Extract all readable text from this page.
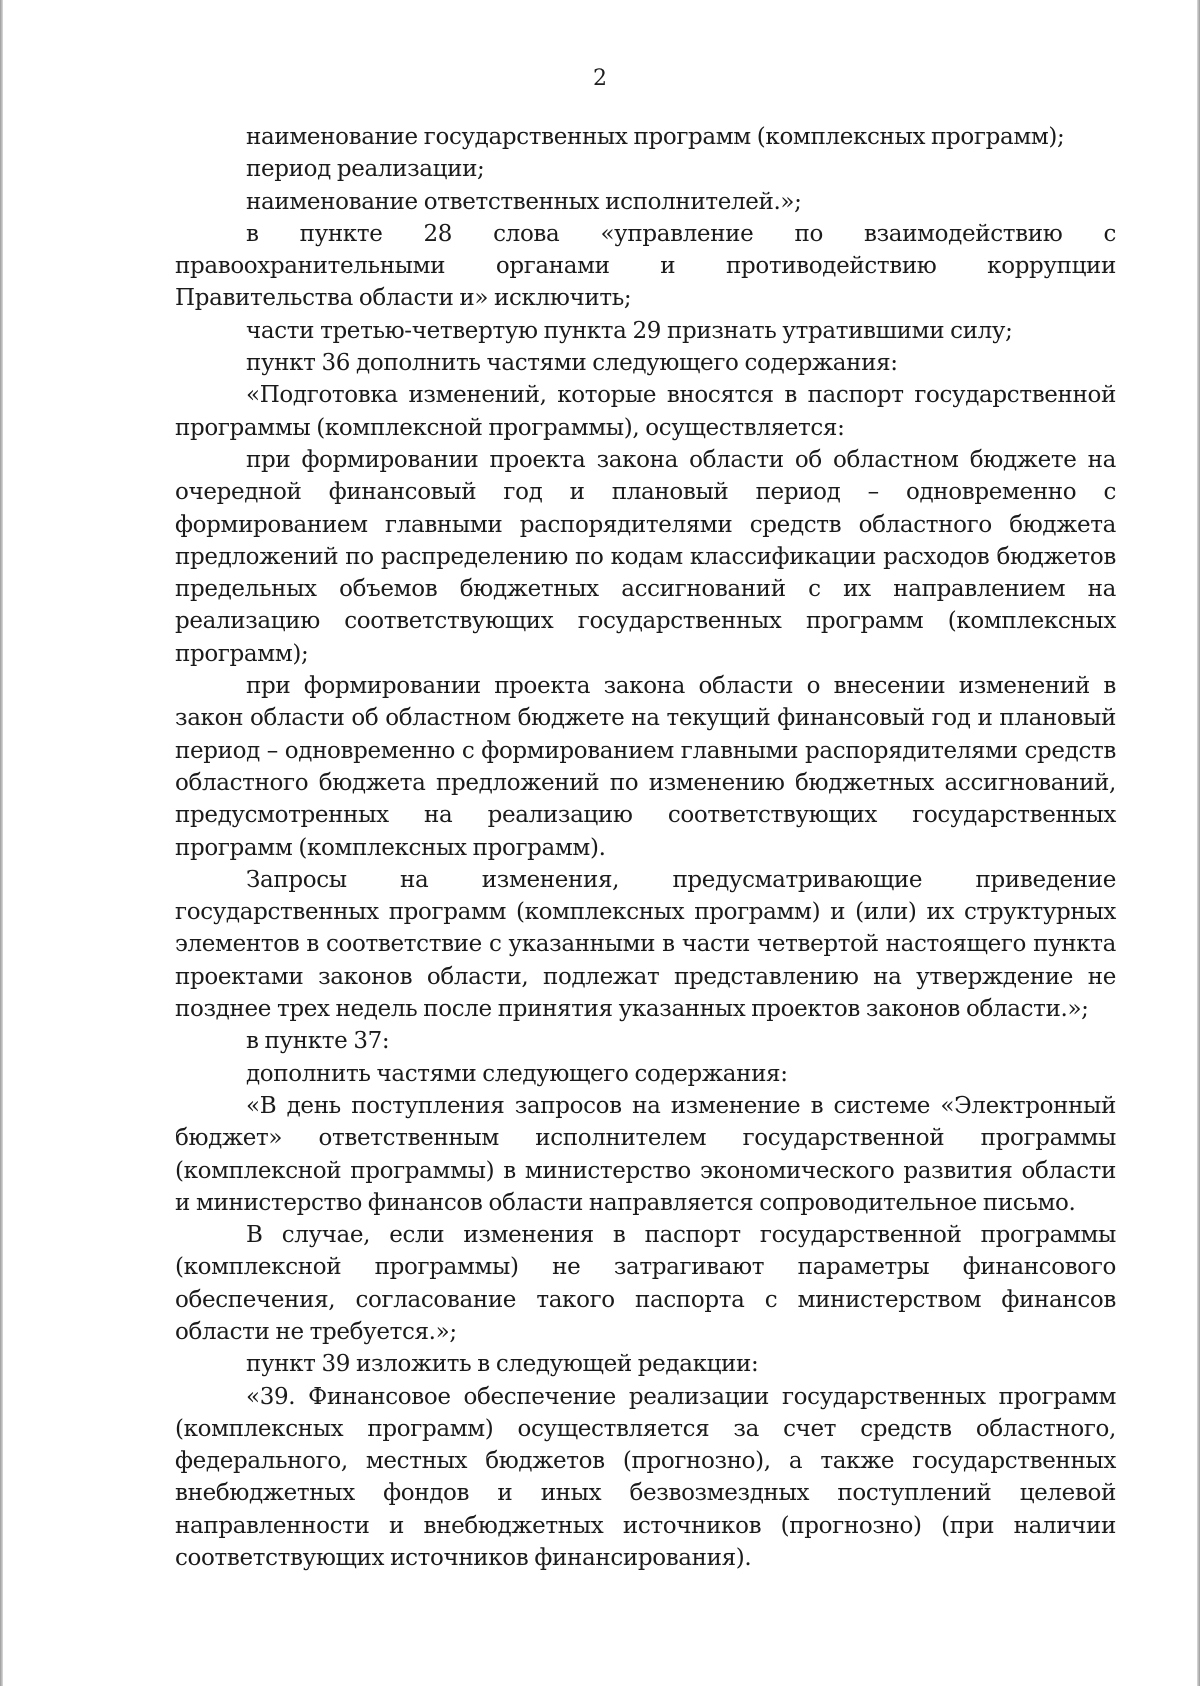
2

наименование государственных программ (комплексных программ);

период реализации;

наименование ответственных исполнителей.»;

в пункте 28 слова «управление по взаимодействию с правоохранительными органами и противодействию коррупции Правительства области и» исключить;

части третью-четвертую пункта 29 признать утратившими силу;

пункт 36 дополнить частями следующего содержания:

«Подготовка изменений, которые вносятся в паспорт государственной программы (комплексной программы), осуществляется:

при формировании проекта закона области об областном бюджете на очередной финансовый год и плановый период – одновременно с формированием главными распорядителями средств областного бюджета предложений по распределению по кодам классификации расходов бюджетов предельных объемов бюджетных ассигнований с их направлением на реализацию соответствующих государственных программ (комплексных программ);

при формировании проекта закона области о внесении изменений в закон области об областном бюджете на текущий финансовый год и плановый период – одновременно с формированием главными распорядителями средств областного бюджета предложений по изменению бюджетных ассигнований, предусмотренных на реализацию соответствующих государственных программ (комплексных программ).

Запросы на изменения, предусматривающие приведение государственных программ (комплексных программ) и (или) их структурных элементов в соответствие с указанными в части четвертой настоящего пункта проектами законов области, подлежат представлению на утверждение не позднее трех недель после принятия указанных проектов законов области.»;

в пункте 37:

дополнить частями следующего содержания:

«В день поступления запросов на изменение в системе «Электронный бюджет» ответственным исполнителем государственной программы (комплексной программы) в министерство экономического развития области и министерство финансов области направляется сопроводительное письмо.

В случае, если изменения в паспорт государственной программы (комплексной программы) не затрагивают параметры финансового обеспечения, согласование такого паспорта с министерством финансов области не требуется.»;

пункт 39 изложить в следующей редакции:

«39. Финансовое обеспечение реализации государственных программ (комплексных программ) осуществляется за счет средств областного, федерального, местных бюджетов (прогнозно), а также государственных внебюджетных фондов и иных безвозмездных поступлений целевой направленности и внебюджетных источников (прогнозно) (при наличии соответствующих источников финансирования).
